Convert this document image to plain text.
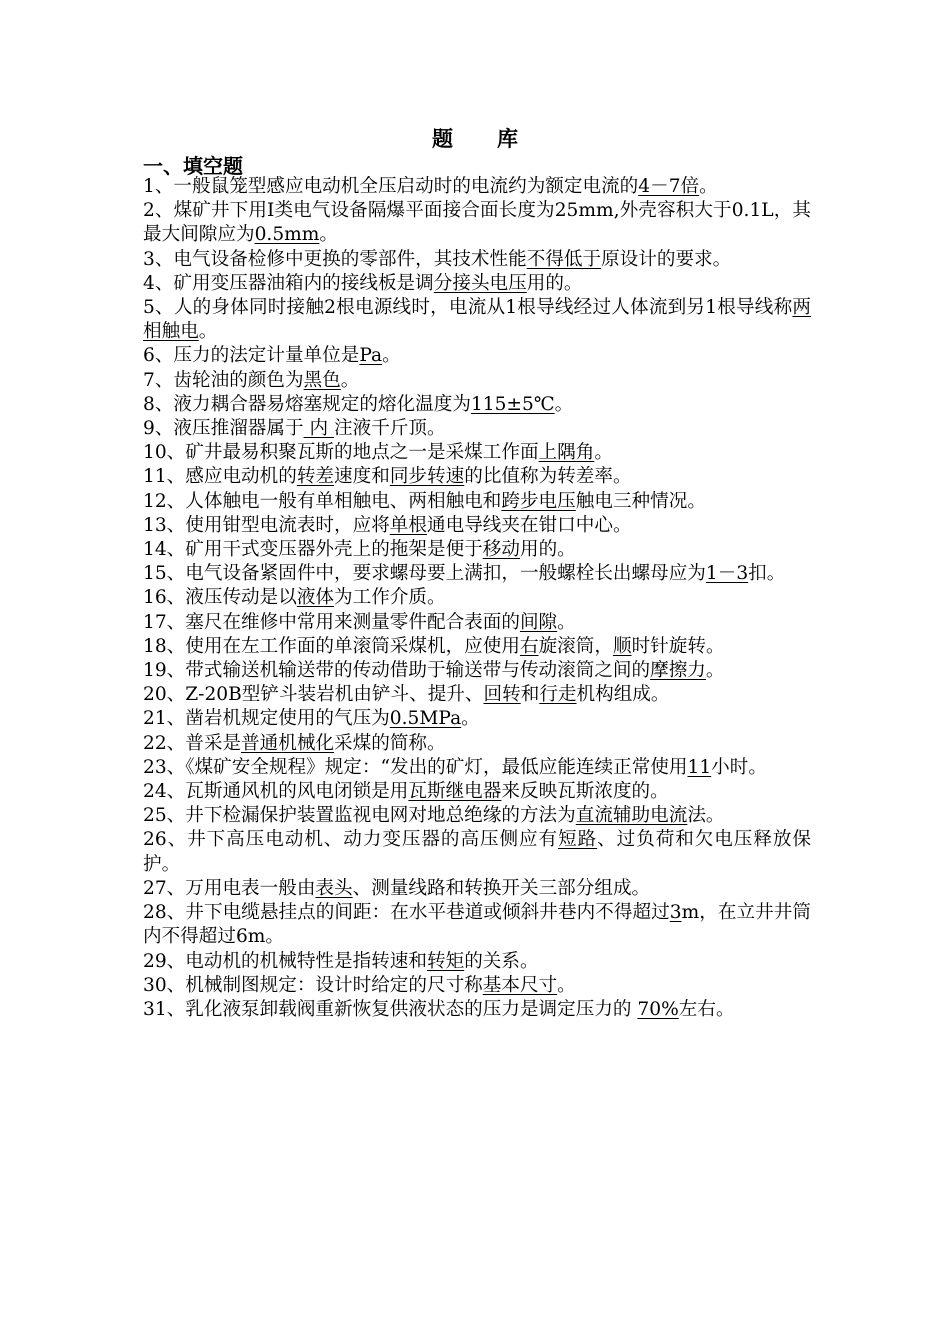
题库
一、填空题

1、一般鼠笼型感应电动机全压启动时的电流约为额定电流的4－7倍。

2、煤矿井下用Ⅰ类电气设备隔爆平面接合面长度为25mm,外壳容积大于0.1L，其最大间隙应为0.5mm。

3、电气设备检修中更换的零部件，其技术性能不得低于原设计的要求。

4、矿用变压器油箱内的接线板是调分接头电压用的。

5、人的身体同时接触2根电源线时，电流从1根导线经过人体流到另1根导线称两相触电。

6、压力的法定计量单位是Pa。

7、齿轮油的颜色为黑色。

8、液力耦合器易熔塞规定的熔化温度为115±5℃。

9、液压推溜器属于 内 注液千斤顶。

10、矿井最易积聚瓦斯的地点之一是采煤工作面上隅角。

11、感应电动机的转差速度和同步转速的比值称为转差率。

12、人体触电一般有单相触电、两相触电和跨步电压触电三种情况。

13、使用钳型电流表时，应将单根通电导线夹在钳口中心。

14、矿用干式变压器外壳上的拖架是便于移动用的。

15、电气设备紧固件中，要求螺母要上满扣，一般螺栓长出螺母应为1－3扣。

16、液压传动是以液体为工作介质。

17、塞尺在维修中常用来测量零件配合表面的间隙。

18、使用在左工作面的单滚筒采煤机，应使用右旋滚筒，顺时针旋转。

19、带式输送机输送带的传动借助于输送带与传动滚筒之间的摩擦力。

20、Z-20B型铲斗装岩机由铲斗、提升、回转和行走机构组成。

21、凿岩机规定使用的气压为0.5MPa。

22、普采是普通机械化采煤的简称。

23、《煤矿安全规程》规定：“发出的矿灯，最低应能连续正常使用11小时。

24、瓦斯通风机的风电闭锁是用瓦斯继电器来反映瓦斯浓度的。

25、井下检漏保护装置监视电网对地总绝缘的方法为直流辅助电流法。

26、井下高压电动机、动力变压器的高压侧应有短路、过负荷和欠电压释放保护。

27、万用电表一般由表头、测量线路和转换开关三部分组成。

28、井下电缆悬挂点的间距：在水平巷道或倾斜井巷内不得超过3m，在立井井筒内不得超过6m。

29、电动机的机械特性是指转速和转矩的关系。

30、机械制图规定：设计时给定的尺寸称基本尺寸。

31、乳化液泵卸载阀重新恢复供液状态的压力是调定压力的 70%左右。
